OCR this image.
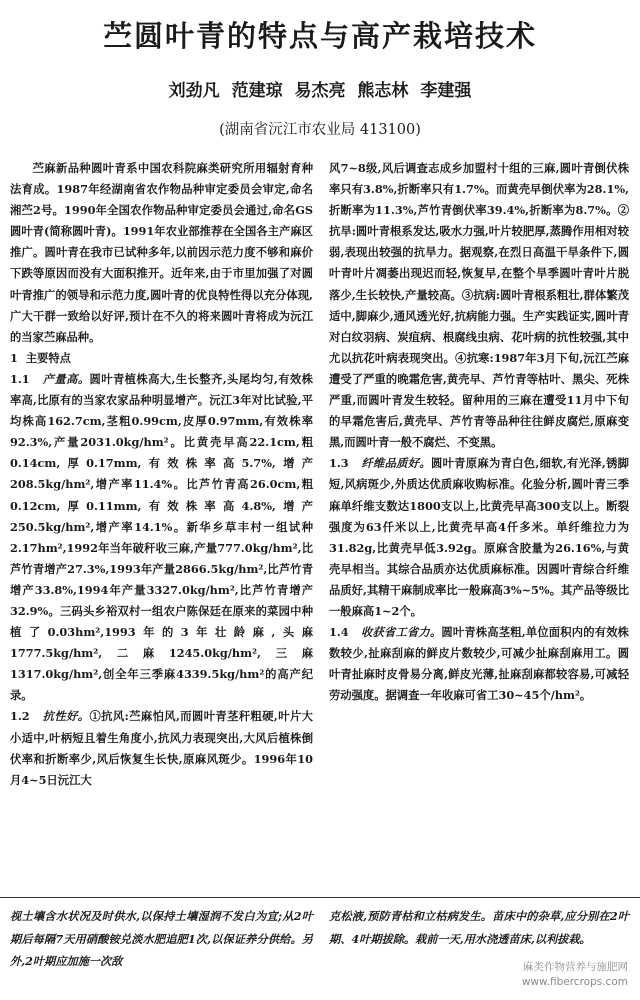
苎圆叶青的特点与高产栽培技术
刘劲凡 范建琼 易杰亮 熊志林 李建强
(湖南省沅江市农业局 413100)

苎麻新品种圆叶青系中国农科院麻类研究所用辐射育种法育成。1987年经湖南省农作物品种审定委员会审定,命名湘苎2号。1990年全国农作物品种审定委员会通过,命名GS圆叶青(简称圆叶青)。1991年农业部推荐在全国各主产麻区推广。圆叶青在我市已试种多年,以前因示范力度不够和麻价下跌等原因而没有大面积推开。近年来,由于市里加强了对圆叶青推广的领导和示范力度,圆叶青的优良特性得以充分体现,广大干群一致给以好评,预计在不久的将来圆叶青将成为沅江的当家苎麻品种。

1 主要特点

1.1 产量高。圆叶青植株高大,生长整齐,头尾均匀,有效株率高,比原有的当家农家品种明显增产。沅江3年对比试验,平均株高162.7cm,茎粗0.99cm,皮厚0.97mm,有效株率92.3%,产量2031.0kg/hm²。比黄壳早高22.1cm,粗0.14cm,厚0.17mm,有效株率高5.7%,增产208.5kg/hm²,增产率11.4%。比芦竹青高26.0cm,粗0.12cm,厚0.11mm,有效株率高4.8%,增产250.5kg/hm²,增产率14.1%。新华乡草丰村一组试种2.17hm²,1992年当年破秆收三麻,产量777.0kg/hm²,比芦竹青增产27.3%,1993年产量2866.5kg/hm²,比芦竹青增产33.8%,1994年产量3327.0kg/hm²,比芦竹青增产32.9%。三码头乡裕双村一组农户陈保廷在原来的菜园中种植了0.03hm²,1993年的3年壮龄麻,头麻1777.5kg/hm²,二麻1245.0kg/hm²,三麻1317.0kg/hm²,创全年三季麻4339.5kg/hm²的高产纪录。

1.2 抗性好。①抗风:苎麻怕风,而圆叶青茎秆粗硬,叶片大小适中,叶柄短且着生角度小,抗风力表现突出,大风后植株倒伏率和折断率少,风后恢复生长快,原麻风斑少。1996年10月4~5日沅江大

风7~8级,风后调查志成乡加盟村十组的三麻,圆叶青倒伏株率只有3.8%,折断率只有1.7%。而黄壳早倒伏率为28.1%,折断率为11.3%,芦竹青倒伏率39.4%,折断率为8.7%。②抗旱:圆叶青根系发达,吸水力强,叶片较肥厚,蒸腾作用相对较弱,表现出较强的抗旱力。据观察,在烈日高温干旱条件下,圆叶青叶片凋萎出现迟而轻,恢复早,在整个旱季圆叶青叶片脱落少,生长较快,产量较高。③抗病:圆叶青根系粗壮,群体繁茂适中,脚麻少,通风透光好,抗病能力强。生产实践证实,圆叶青对白纹羽病、炭疽病、根腐线虫病、花叶病的抗性较强,其中尤以抗花叶病表现突出。④抗寒:1987年3月下旬,沅江苎麻遭受了严重的晚霜危害,黄壳早、芦竹青等枯叶、黑尖、死株严重,而圆叶青发生较轻。留种用的三麻在遭受11月中下旬的早霜危害后,黄壳早、芦竹青等品种往往鲜皮腐烂,原麻变黑,而圆叶青一般不腐烂、不变黑。

1.3 纤维品质好。圆叶青原麻为青白色,细软,有光泽,锈脚短,风病斑少,外质达优质麻收购标准。化验分析,圆叶青三季麻单纤维支数达1800支以上,比黄壳早高300支以上。断裂强度为63仟米以上,比黄壳早高4仟多米。单纤维拉力为31.82g,比黄壳早低3.92g。原麻含胶量为26.16%,与黄壳早相当。其综合品质亦达优质麻标准。因圆叶青综合纤维品质好,其精干麻制成率比一般麻高3%~5%。其产品等级比一般麻高1~2个。

1.4 收获省工省力。圆叶青株高茎粗,单位面积内的有效株数较少,扯麻刮麻的鲜皮片数较少,可减少扯麻刮麻用工。圆叶青扯麻时皮骨易分离,鲜皮光薄,扯麻刮麻都较容易,可减轻劳动强度。据调查一年收麻可省工30~45个/hm²。

视土壤含水状况及时供水,以保持土壤湿润不发白为宜;从2叶期后每隔7天用硝酸铵兑淡水肥追肥1次,以保证养分供给。另外,2叶期应加施一次敌
克松液,预防青枯和立枯病发生。苗床中的杂草,应分别在2叶期、4叶期拔除。栽前一天,用水浇透苗床,以利拔栽。
麻类作物营养与施肥网
www.fibercrops.com
